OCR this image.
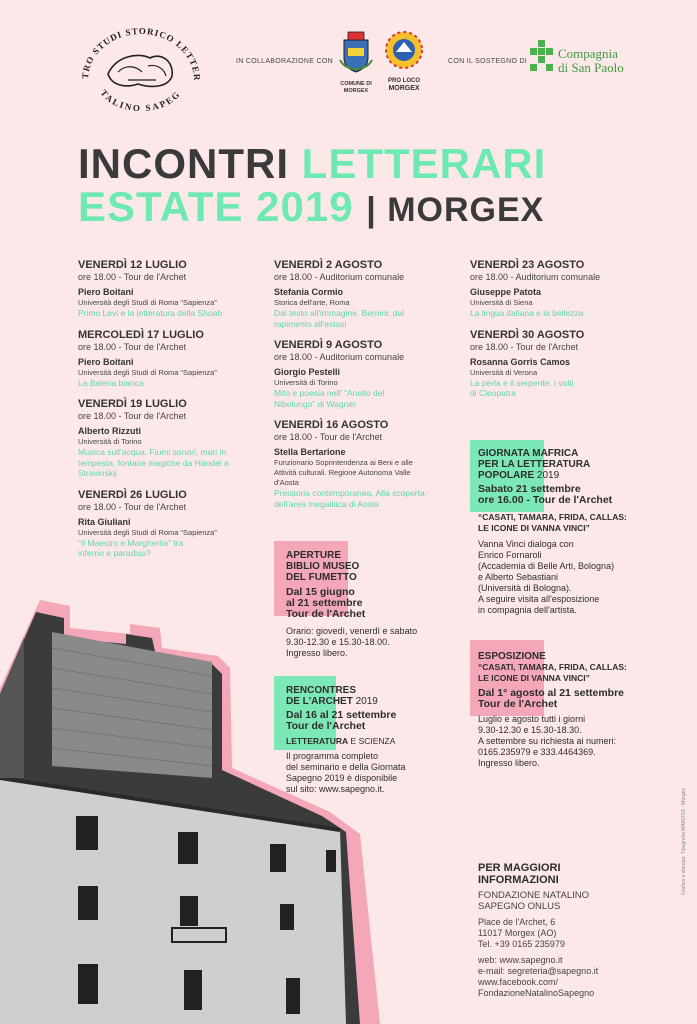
TRO STUDI STORICO LETTER
TALINO SAPEG
IN COLLABORAZIONE CON
COMUNE DI
MORGEX
PRO LOCO
MORGEX
CON IL SOSTEGNO DI
Compagnia
di San Paolo
INCONTRI LETTERARI
ESTATE 2019 | MORGEX
VENERDÌ 12 LUGLIO
ore 18.00 - Tour de l'Archet
Piero Boitani
Università degli Studi di Roma “Sapienza”
Primo Levi e la letteratura della Shoah
MERCOLEDÌ 17 LUGLIO
ore 18.00 - Tour de l'Archet
Piero Boitani
Università degli Studi di Roma “Sapienza”
La Balena bianca
VENERDÌ 19 LUGLIO
ore 18.00 - Tour de l'Archet
Alberto Rizzuti
Università di Torino
Musica sull'acqua. Fiumi sonori, mari in tempesta, fontane magiche da Händel a Stravinskij
VENERDÌ 26 LUGLIO
ore 18.00 - Tour de l'Archet
Rita Giuliani
Università degli Studi di Roma “Sapienza”
“Il Maestro e Margherita” tra inferno e paradiso?
VENERDÌ 2 AGOSTO
ore 18.00 - Auditorium comunale
Stefania Cormio
Storica dell'arte, Roma
Dal testo all'immagine. Bernini: dal rapimento all'estasi
VENERDÌ 9 AGOSTO
ore 18.00 - Auditorium comunale
Giorgio Pestelli
Università di Torino
Mito e poesia nell' “Anello del Nibelungo” di Wagner
VENERDÌ 16 AGOSTO
ore 18.00 - Tour de l'Archet
Stella Bertarione
Funzionario Soprintendenza ai Beni e alle Attività culturali. Regione Autonoma Valle d'Aosta
Preistoria contemporanea. Alla scoperta dell'area megalitica di Aosta
VENERDÌ 23 AGOSTO
ore 18.00 - Auditorium comunale
Giuseppe Patota
Università di Siena
La lingua italiana e la bellezza
VENERDÌ 30 AGOSTO
ore 18.00 - Tour de l'Archet
Rosanna Gorris Camos
Università di Verona
La perla e il serpente: i volti di Cleopatra
GIORNATA MAFRICA
PER LA LETTERATURA
POPOLARE 2019
Sabato 21 settembre
ore 16.00 - Tour de l'Archet
“CASATI, TAMARA, FRIDA, CALLAS:
LE ICONE DI VANNA VINCI”
Vanna Vinci dialoga con
Enrico Fornaroli
(Accademia di Belle Arti, Bologna)
e Alberto Sebastiani
(Università di Bologna).
A seguire visita all'esposizione
in compagnia dell'artista.
APERTURE
BIBLIO MUSEO
DEL FUMETTO
Dal 15 giugno
al 21 settembre
Tour de l'Archet
Orario: giovedì, venerdì e sabato
9.30-12.30 e 15.30-18.00.
Ingresso libero.
RENCONTRES
DE L'ARCHET 2019
Dal 16 al 21 settembre
Tour de l'Archet
LETTERATURA E SCIENZA
Il programma completo
del seminario e della Giornata
Sapegno 2019 è disponibile
sul sito: www.sapegno.it.
ESPOSIZIONE
“CASATI, TAMARA, FRIDA, CALLAS:
LE ICONE DI VANNA VINCI”
Dal 1° agosto al 21 settembre
Tour de l'Archet
Luglio e agosto tutti i giorni
9.30-12.30 e 15.30-18.30.
A settembre su richiesta ai numeri:
0165.235979 e 333.4464369.
Ingresso libero.
PER MAGGIORI
INFORMAZIONI
FONDAZIONE NATALINO
SAPEGNO ONLUS
Place de l'Archet, 6
11017 Morgex (AO)
Tel. +39 0165 235979
web: www.sapegno.it
e-mail: segreteria@sapegno.it
www.facebook.com/
FondazioneNatalinoSapegno
Grafica e stampa: Tipografia MAROSS - Morgex
